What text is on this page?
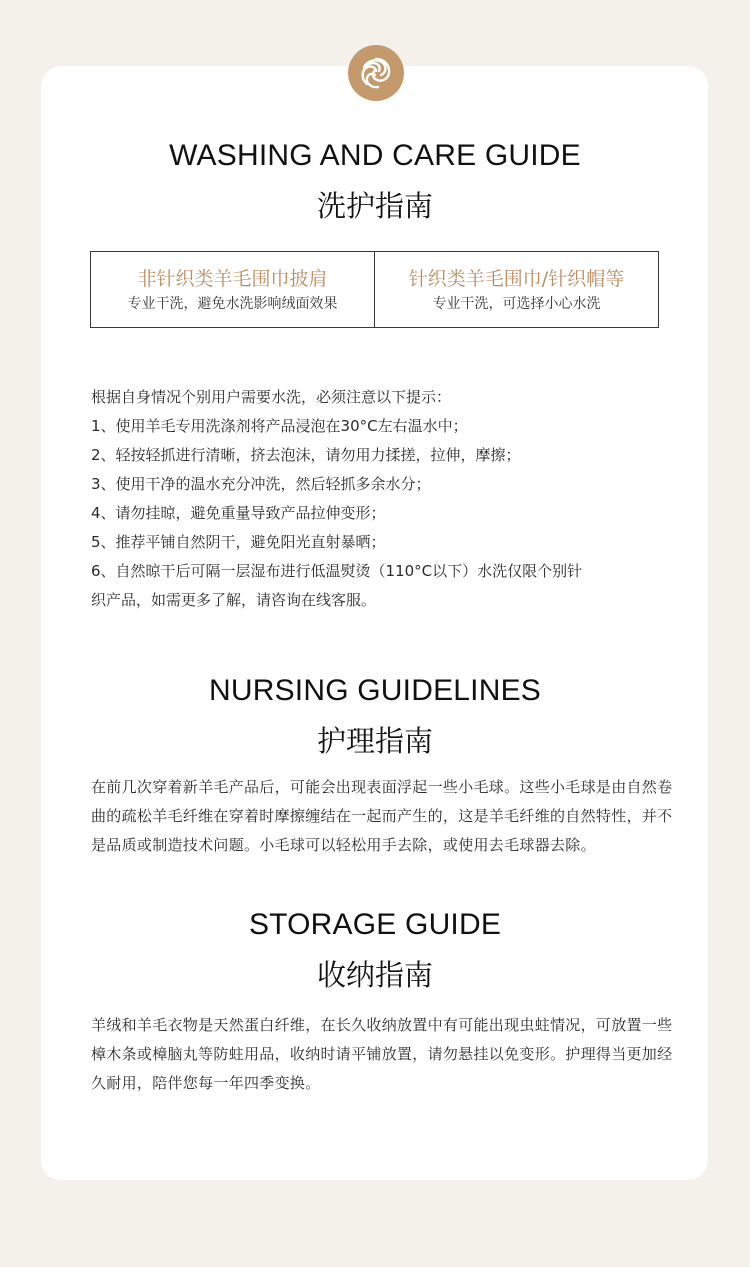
WASHING AND CARE GUIDE
洗护指南
非针织类羊毛围巾披肩
专业干洗，避免水洗影响绒面效果
针织类羊毛围巾/针织帽等
专业干洗，可选择小心水洗

根据自身情况个别用户需要水洗，必须注意以下提示：

1、使用羊毛专用洗涤剂将产品浸泡在30°C左右温水中；

2、轻按轻抓进行清晰，挤去泡沫，请勿用力揉搓，拉伸，摩擦；

3、使用干净的温水充分冲洗，然后轻抓多余水分；

4、请勿挂晾，避免重量导致产品拉伸变形；

5、推荐平铺自然阴干，避免阳光直射暴晒；

6、自然晾干后可隔一层湿布进行低温熨烫（110°C以下）水洗仅限个别针

织产品，如需更多了解，请咨询在线客服。

NURSING GUIDELINES
护理指南
在前几次穿着新羊毛产品后，可能会出现表面浮起一些小毛球。这些小毛球是由自然卷曲的疏松羊毛纤维在穿着时摩擦缠结在一起而产生的，这是羊毛纤维的自然特性，并不是品质或制造技术问题。小毛球可以轻松用手去除，或使用去毛球器去除。
STORAGE GUIDE
收纳指南
羊绒和羊毛衣物是天然蛋白纤维，在长久收纳放置中有可能出现虫蛀情况，可放置一些樟木条或樟脑丸等防蛀用品，收纳时请平铺放置，请勿悬挂以免变形。护理得当更加经久耐用，陪伴您每一年四季变换。
